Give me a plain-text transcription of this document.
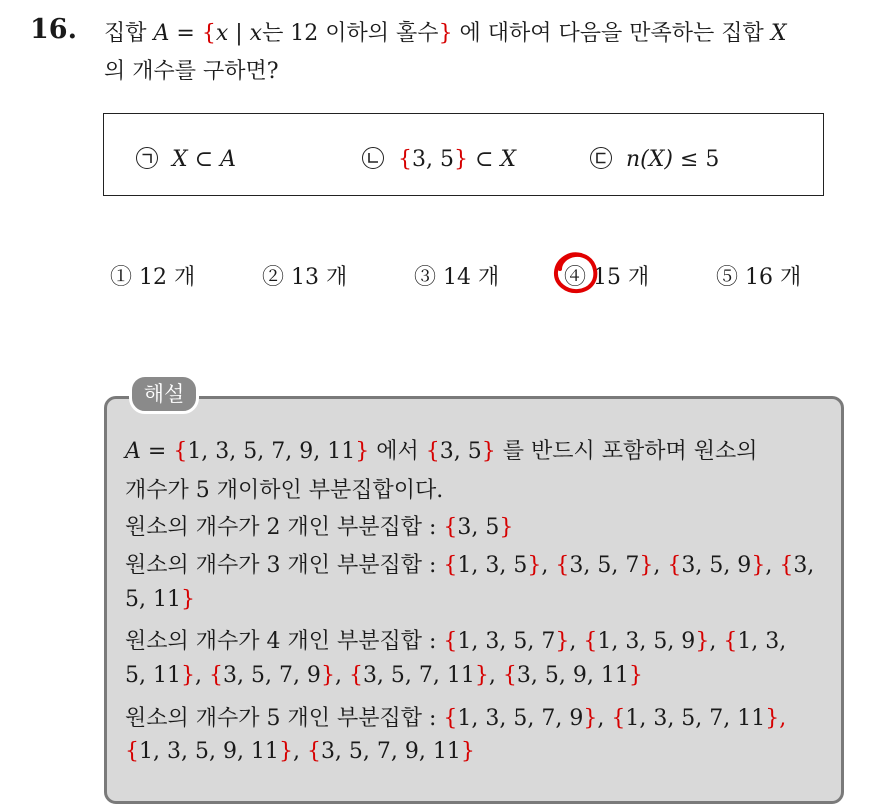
16. 집합 A = {x | x는 12 이하의 홀수} 에 대하여 다음을 만족하는 집합 X
의 개수를 구하면?
X ⊂ A	{3, 5} ⊂ X	n(X) ≤ 5
① 12 개	② 13 개	③ 14 개	④ 15 개	⑤ 16 개
해설
A = {1, 3, 5, 7, 9, 11} 에서 {3, 5} 를 반드시 포함하며 원소의
개수가 5 개이하인 부분집합이다.
원소의 개수가 2 개인 부분집합 : {3, 5}
원소의 개수가 3 개인 부분집합 : {1, 3, 5}, {3, 5, 7}, {3, 5, 9}, {3,
5, 11}
원소의 개수가 4 개인 부분집합 : {1, 3, 5, 7}, {1, 3, 5, 9}, {1, 3,
5, 11}, {3, 5, 7, 9}, {3, 5, 7, 11}, {3, 5, 9, 11}
원소의 개수가 5 개인 부분집합 : {1, 3, 5, 7, 9}, {1, 3, 5, 7, 11},
{1, 3, 5, 9, 11}, {3, 5, 7, 9, 11}
